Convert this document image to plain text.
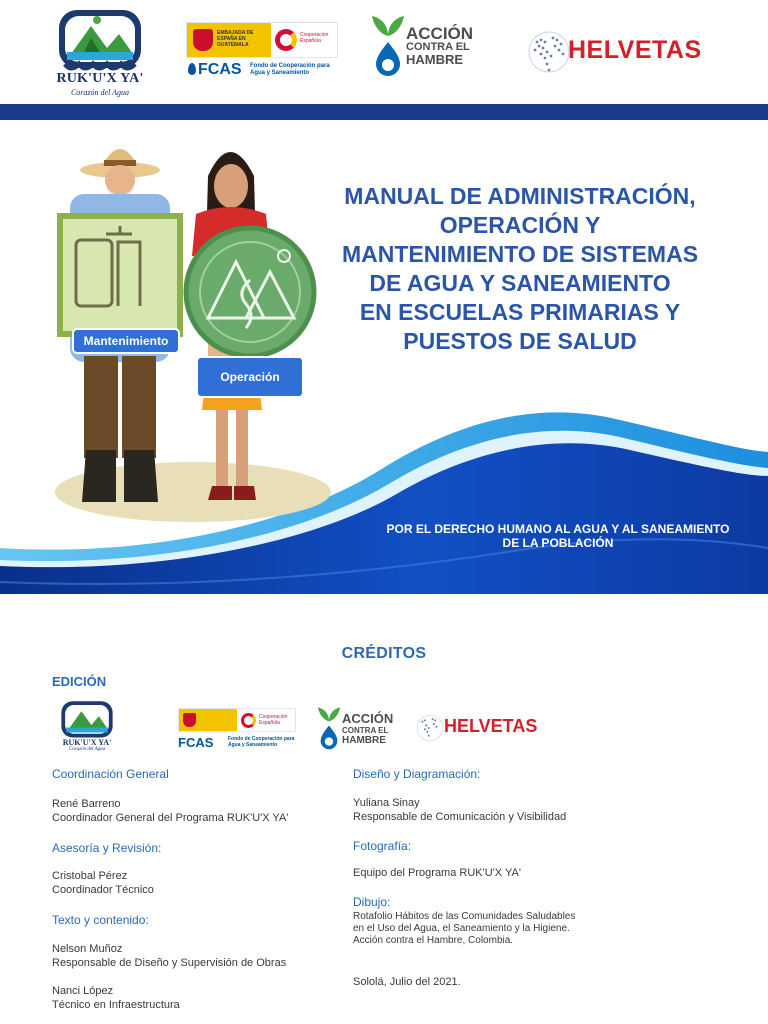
RUK'U'X YA'
Corazón del Agua
EMBAJADA DE ESPAÑA EN GUATEMALA
Cooperación Española
FCAS Fondo de Cooperación para Agua y Saneamiento
ACCIÓN
CONTRA EL
HAMBRE	HELVETAS
Mantenimiento
Operación
MANUAL DE ADMINISTRACIÓN,
OPERACIÓN Y
MANTENIMIENTO DE SISTEMAS
DE AGUA Y SANEAMIENTO
EN ESCUELAS PRIMARIAS Y
PUESTOS DE SALUD
POR EL DERECHO HUMANO AL AGUA Y AL SANEAMIENTO
DE LA POBLACIÓN
CRÉDITOS
EDICIÓN
RUK'U'X YA'
Corazón del Agua
Cooperación Española
FCAS	Fondo de Cooperación para Agua y Saneamiento
ACCIÓN
CONTRA EL
HAMBRE
HELVETAS
Coordinación General
René Barreno
Coordinador General del Programa RUK'U'X YA'
Asesoría y Revisión:
Cristobal Pérez
Coordinador Técnico
Texto y contenido:
Nelson Muñoz
Responsable de Diseño y Supervisión de Obras
Nanci López
Técnico en Infraestructura
Diseño y Diagramación:
Yuliana Sinay
Responsable de Comunicación y Visibilidad
Fotografía:
Equipo del Programa RUK'U'X YA'
Dibujo:
Rotafolio Hábitos de las Comunidades Saludables
en el Uso del Agua, el Saneamiento y la Higiene.
Acción contra el Hambre, Colombia.
Sololá, Julio del 2021.
